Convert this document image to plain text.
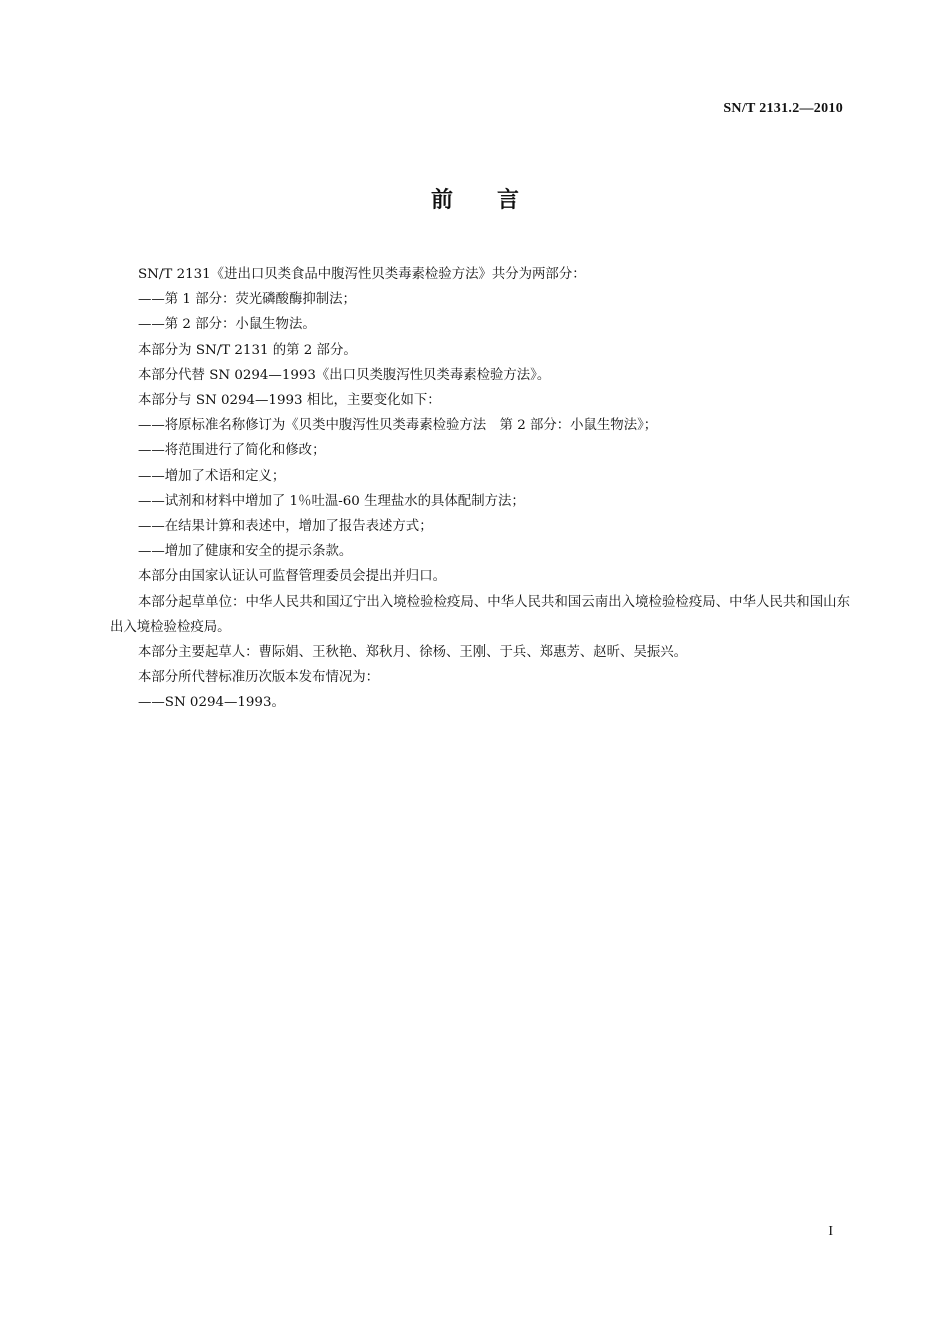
SN/T 2131.2—2010
前　　言

SN/T 2131《进出口贝类食品中腹泻性贝类毒素检验方法》共分为两部分：

——第 1 部分：荧光磷酸酶抑制法；

——第 2 部分：小鼠生物法。

本部分为 SN/T 2131 的第 2 部分。

本部分代替 SN 0294—1993《出口贝类腹泻性贝类毒素检验方法》。

本部分与 SN 0294—1993 相比，主要变化如下：

——将原标准名称修订为《贝类中腹泻性贝类毒素检验方法　第 2 部分：小鼠生物法》；

——将范围进行了简化和修改；

——增加了术语和定义；

——试剂和材料中增加了 1％吐温-60 生理盐水的具体配制方法；

——在结果计算和表述中，增加了报告表述方式；

——增加了健康和安全的提示条款。

本部分由国家认证认可监督管理委员会提出并归口。

本部分起草单位：中华人民共和国辽宁出入境检验检疫局、中华人民共和国云南出入境检验检疫局、中华人民共和国山东出入境检验检疫局。

本部分主要起草人：曹际娟、王秋艳、郑秋月、徐杨、王刚、于兵、郑惠芳、赵昕、吴振兴。

本部分所代替标准历次版本发布情况为：

——SN 0294—1993。

I
